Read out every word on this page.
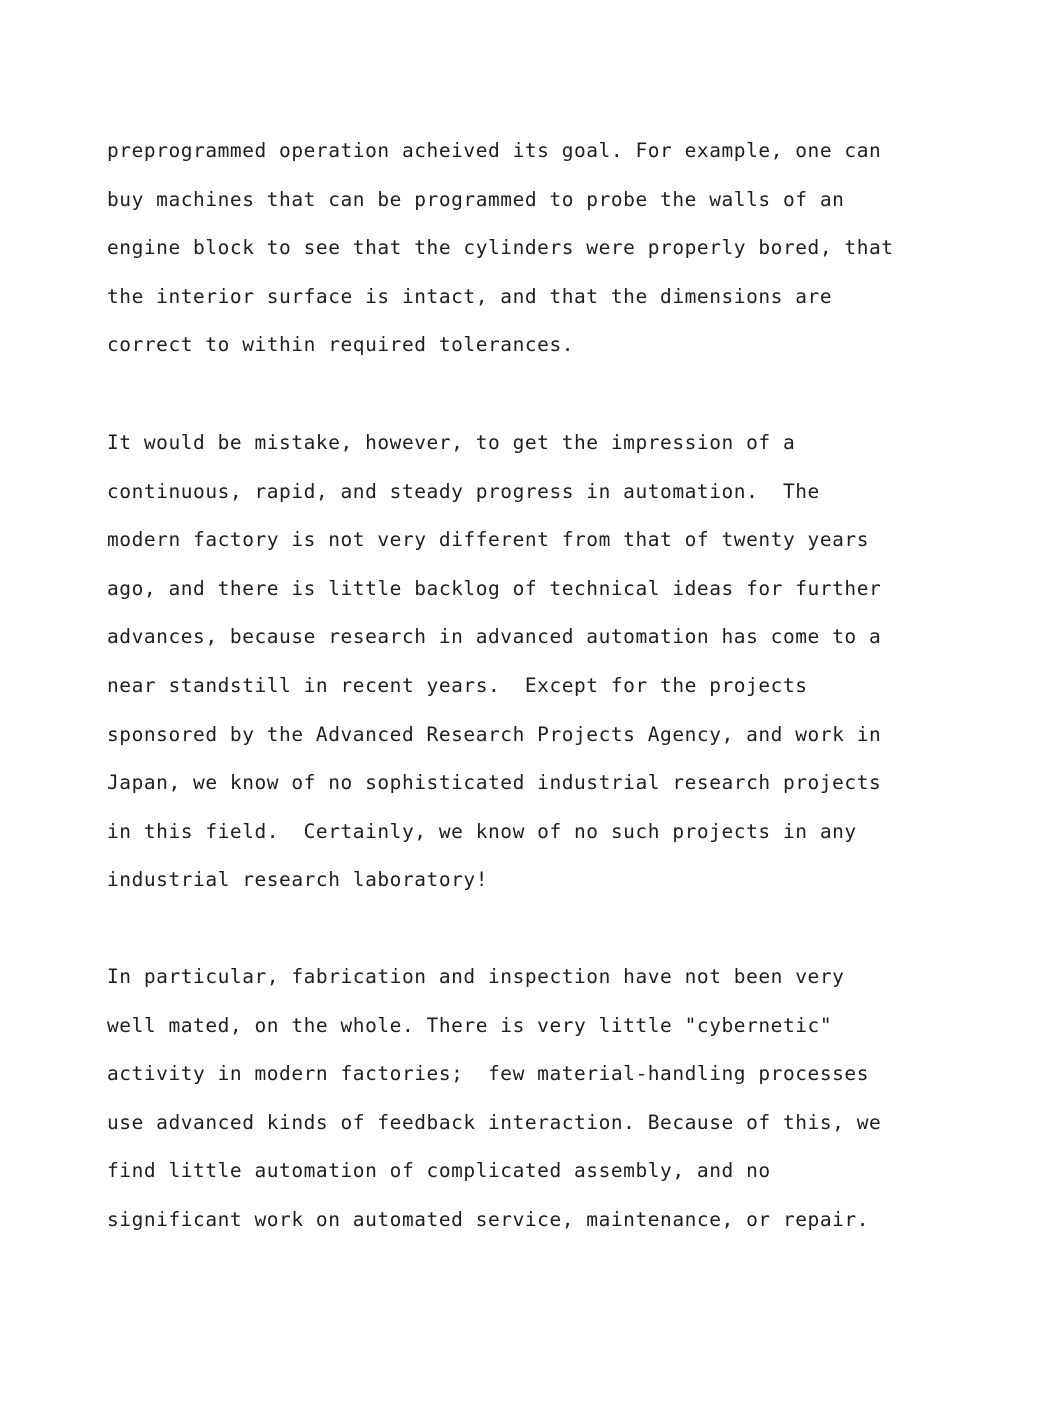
preprogrammed operation acheived its goal. For example, one can
buy machines that can be programmed to probe the walls of an
engine block to see that the cylinders were properly bored, that
the interior surface is intact, and that the dimensions are
correct to within required tolerances.
It would be mistake, however, to get the impression of a
continuous, rapid, and steady progress in automation.  The
modern factory is not very different from that of twenty years
ago, and there is little backlog of technical ideas for further
advances, because research in advanced automation has come to a
near standstill in recent years.  Except for the projects
sponsored by the Advanced Research Projects Agency, and work in
Japan, we know of no sophisticated industrial research projects
in this field.  Certainly, we know of no such projects in any
industrial research laboratory!
In particular, fabrication and inspection have not been very
well mated, on the whole. There is very little "cybernetic"
activity in modern factories;  few material-handling processes
use advanced kinds of feedback interaction. Because of this, we
find little automation of complicated assembly, and no
significant work on automated service, maintenance, or repair.
